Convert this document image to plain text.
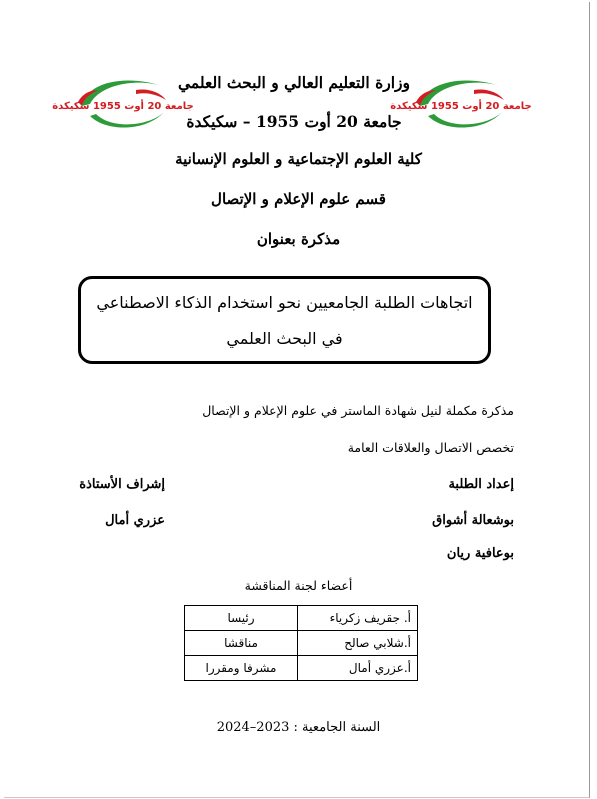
جامعة 20 أوت 1955 سكيكدة	جامعة 20 أوت 1955 سكيكدة
وزارة التعليم العالي و البحث العلمي
جامعة 20 أوت 1955 – سكيكدة
كلية العلوم الإجتماعية و العلوم الإنسانية
قسم علوم الإعلام و الإتصال
مذكرة بعنوان
اتجاهات الطلبة الجامعيين نحو استخدام الذكاء الاصطناعي
في البحث العلمي
مذكرة مكملة لنيل شهادة الماستر في علوم الإعلام و الإتصال
تخصص الاتصال والعلاقات العامة
إعداد الطلبة
بوشعالة أشواق
بوعافية ريان
إشراف الأستاذة
عزري أمال
أعضاء لجنة المناقشة
أ. جقريف زكرياء	رئيسا
أ.شلابي صالح	مناقشا
أ.عزري أمال	مشرفا ومقررا
السنة الجامعية : 2023–2024
